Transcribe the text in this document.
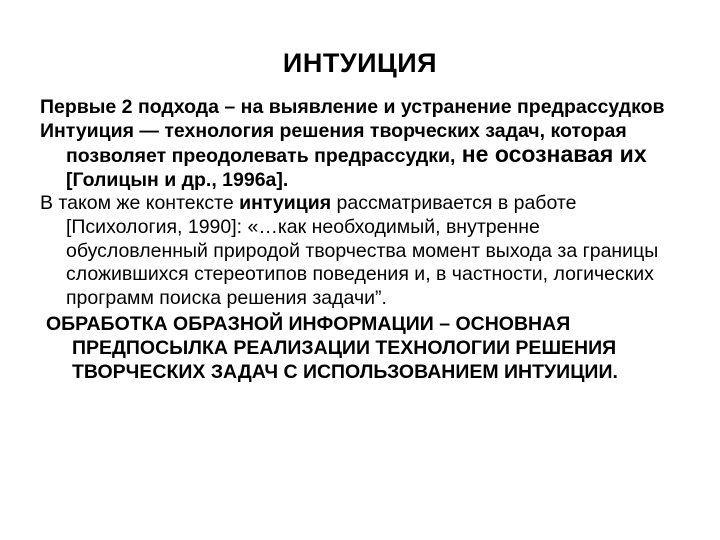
ИНТУИЦИЯ

Первые 2 подхода – на выявление и устранение предрассудков

Интуиция — технология решения творческих задач, которая позволяет преодолевать предрассудки, не осознавая их [Голицын и др., 1996а].

В таком же контексте интуиция рассматривается в работе [Психология, 1990]: «…как необходимый, внутренне обусловленный природой творчества момент выхода за границы сложившихся стереотипов поведения и, в частности, логических программ поиска решения задачи”.

ОБРАБОТКА ОБРАЗНОЙ ИНФОРМАЦИИ – ОСНОВНАЯ ПРЕДПОСЫЛКА РЕАЛИЗАЦИИ ТЕХНОЛОГИИ РЕШЕНИЯ ТВОРЧЕСКИХ ЗАДАЧ С ИСПОЛЬЗОВАНИЕМ ИНТУИЦИИ.
